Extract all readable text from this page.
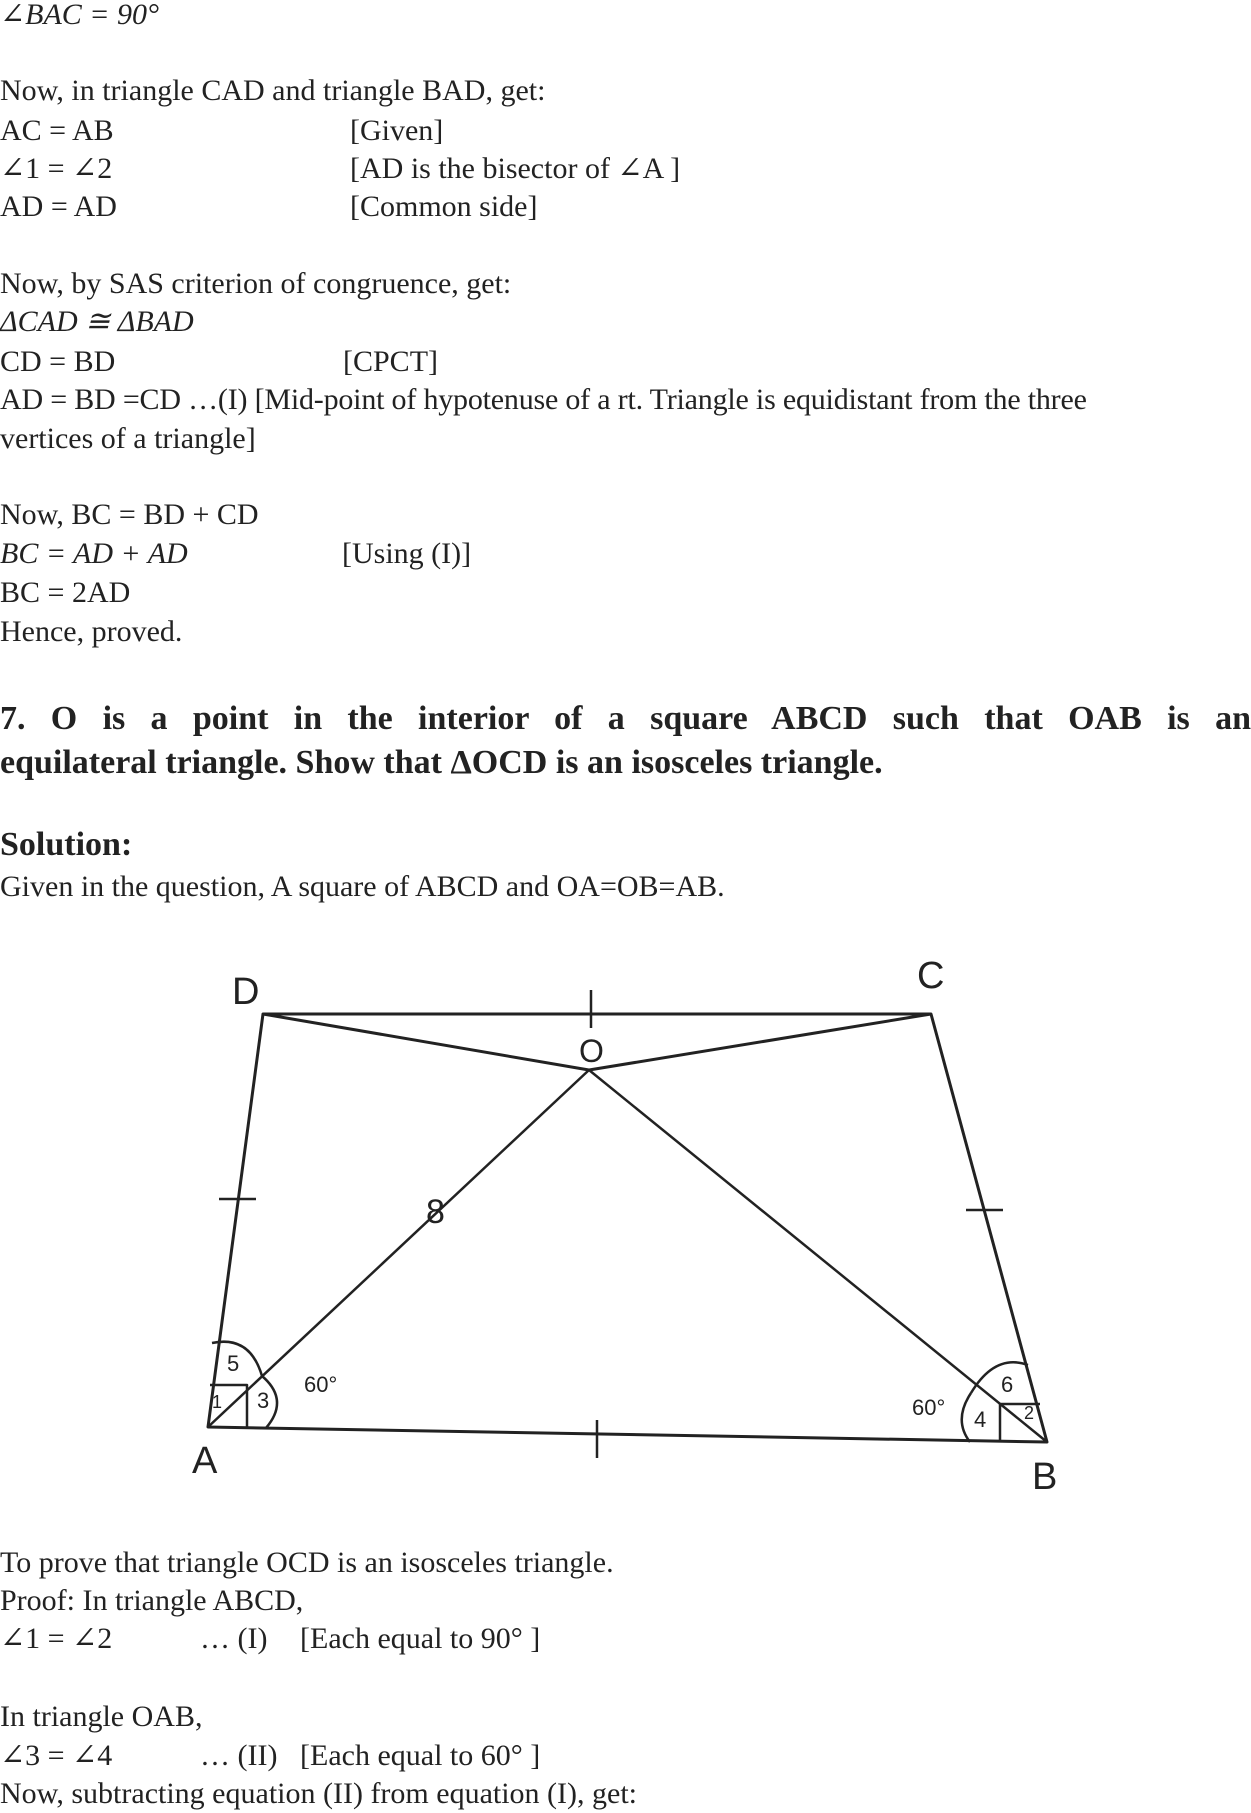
∠BAC = 90°
Now, in triangle CAD and triangle BAD, get:
AC = AB	[Given]
∠1 = ∠2	[AD is the bisector of ∠A ]
AD = AD	[Common side]
Now, by SAS criterion of congruence, get:
ΔCAD ≅ ΔBAD
CD = BD	[CPCT]
AD = BD =CD …(I) [Mid-point of hypotenuse of a rt. Triangle is equidistant from the three
vertices of a triangle]
Now, BC = BD + CD
BC = AD + AD	[Using (I)]
BC = 2AD
Hence, proved.
7. O is a point in the interior of a square ABCD such that OAB is an
equilateral triangle. Show that ΔOCD is an isosceles triangle.
Solution:
Given in the question, A square of ABCD and OA=OB=AB.
D	C
A	B
O
8
5
3
1
6
4 2
60°
60°
To prove that triangle OCD is an isosceles triangle.
Proof: In triangle ABCD,
∠1 = ∠2	… (I) [Each equal to 90° ]
In triangle OAB,
∠3 = ∠4	… (II) [Each equal to 60° ]
Now, subtracting equation (II) from equation (I), get:
